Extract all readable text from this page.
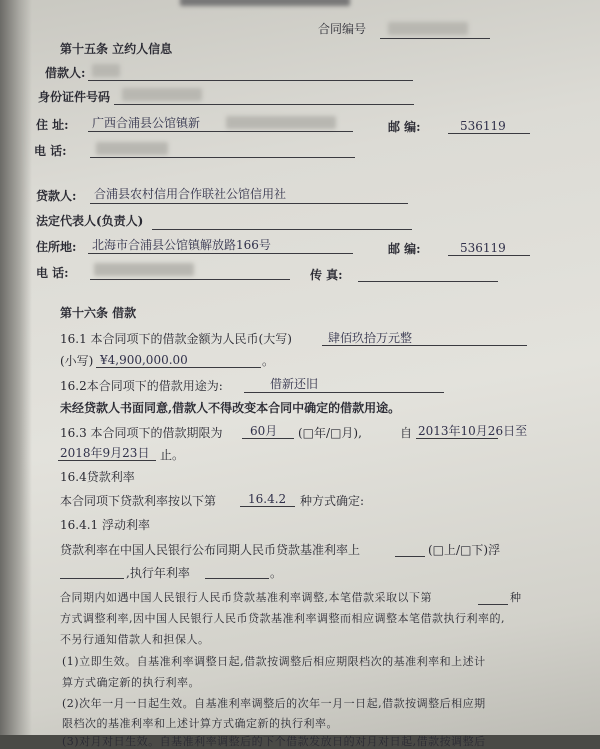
合同编号
第十五条 立约人信息
借款人:
身份证件号码
住 址: 广西合浦县公馆镇新	邮 编:	536119
电 话:
贷款人: 合浦县农村信用合作联社公馆信用社
法定代表人(负责人)
住所地: 北海市合浦县公馆镇解放路166号	邮 编:	536119
电 话:	传 真:
第十六条 借款
16.1 本合同项下的借款金额为人民币(大写)	肆佰玖拾万元整
(小写) ¥4,900,000.00	。
16.2本合同项下的借款用途为:	借新还旧
未经贷款人书面同意,借款人不得改变本合同中确定的借款用途。
16.3 本合同项下的借款期限为 60月 (□年/□月),	自 2013年10月26日至
2018年9月23日 止。
16.4贷款利率
本合同项下贷款利率按以下第	16.4.2 种方式确定:
16.4.1 浮动利率
贷款利率在中国人民银行公布同期人民币贷款基准利率上	(□上/□下)浮
,执行年利率	。
合同期内如遇中国人民银行人民币贷款基准利率调整,本笔借款采取以下第	种
方式调整利率,因中国人民银行人民币贷款基准利率调整而相应调整本笔借款执行利率的,
不另行通知借款人和担保人。
(1)立即生效。自基准利率调整日起,借款按调整后相应期限档次的基准利率和上述计
算方式确定新的执行利率。
(2)次年一月一日起生效。自基准利率调整后的次年一月一日起,借款按调整后相应期
限档次的基准利率和上述计算方式确定新的执行利率。
(3)对月对日生效。自基准利率调整后的下个借款发放日的对月对日起,借款按调整后
